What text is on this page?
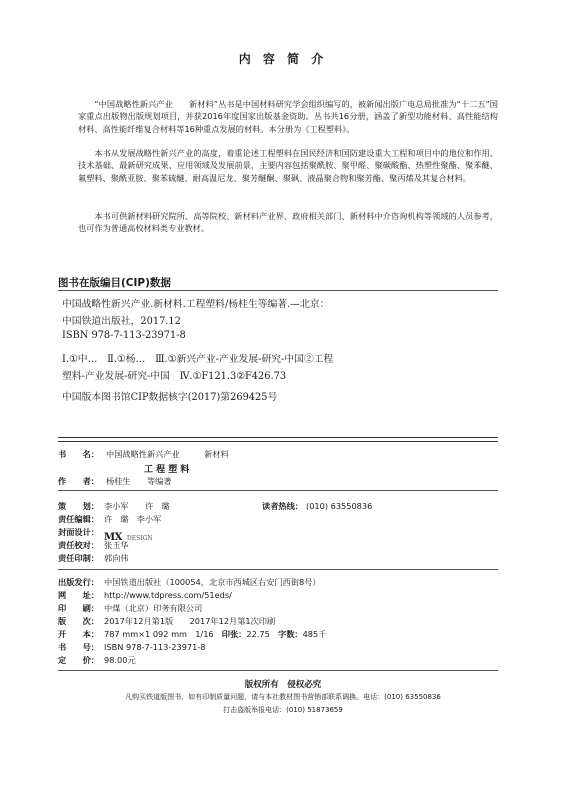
内 容 简 介

“中国战略性新兴产业　　新材料”丛书是中国材料研究学会组织编写的，被新闻出版广电总局批准为“十二五”国家重点出版物出版规划项目，并获2016年度国家出版基金资助。丛书共16分册，涵盖了新型功能材料、高性能结构材料、高性能纤维复合材料等16种重点发展的材料。本分册为《工程塑料》。

本书从发展战略性新兴产业的高度，着重论述工程塑料在国民经济和国防建设重大工程和项目中的地位和作用、技术基础、最新研究成果、应用领域及发展前景，主要内容包括聚酰胺、聚甲醛、聚碳酸酯、热塑性聚酯、聚苯醚、氟塑料、聚酰亚胺、聚苯硫醚、耐高温尼龙、聚芳醚酮、聚砜、液晶聚合物和聚芳酯、聚丙烯及其复合材料。

本书可供新材料研究院所、高等院校、新材料产业界、政府相关部门、新材料中介咨询机构等领域的人员参考，也可作为普通高校材料类专业教材。

图书在版编目(CIP)数据
中国战略性新兴产业.新材料.工程塑料/杨桂生等编著.—北京：
中国铁道出版社，2017.12
ISBN 978-7-113-23971-8
Ⅰ.①中…　Ⅱ.①杨…　Ⅲ.①新兴产业-产业发展-研究-中国②工程
塑料-产业发展-研究-中国　Ⅳ.①F121.3②F426.73
中国版本图书馆CIP数据核字(2017)第269425号
书　　名： 中国战略性新兴产业　　　新材料
工 程 塑 料
作　　者： 杨桂生　　等编著
策　　划： 李小军　　许　璐	读者热线： (010) 63550836
责任编辑： 许　璐　李小军
封面设计： MX DESIGN
责任校对： 张玉华
责任印制： 郭向伟
出版发行： 中国铁道出版社（100054，北京市西城区右安门西街8号）
网　　址： http://www.tdpress.com/51eds/
印　　刷： 中煤（北京）印务有限公司
版　　次： 2017年12月第1版　　2017年12月第1次印刷
开　　本： 787 mm×1 092 mm　1/16　印张：22.75　字数：485千
书　　号： ISBN 978-7-113-23971-8
定　　价： 98.00元
版权所有　侵权必究
凡购买铁道版图书，如有印制质量问题，请与本社教材图书营销部联系调换。电话：(010) 63550836
打击盗版举报电话：(010) 51873659
